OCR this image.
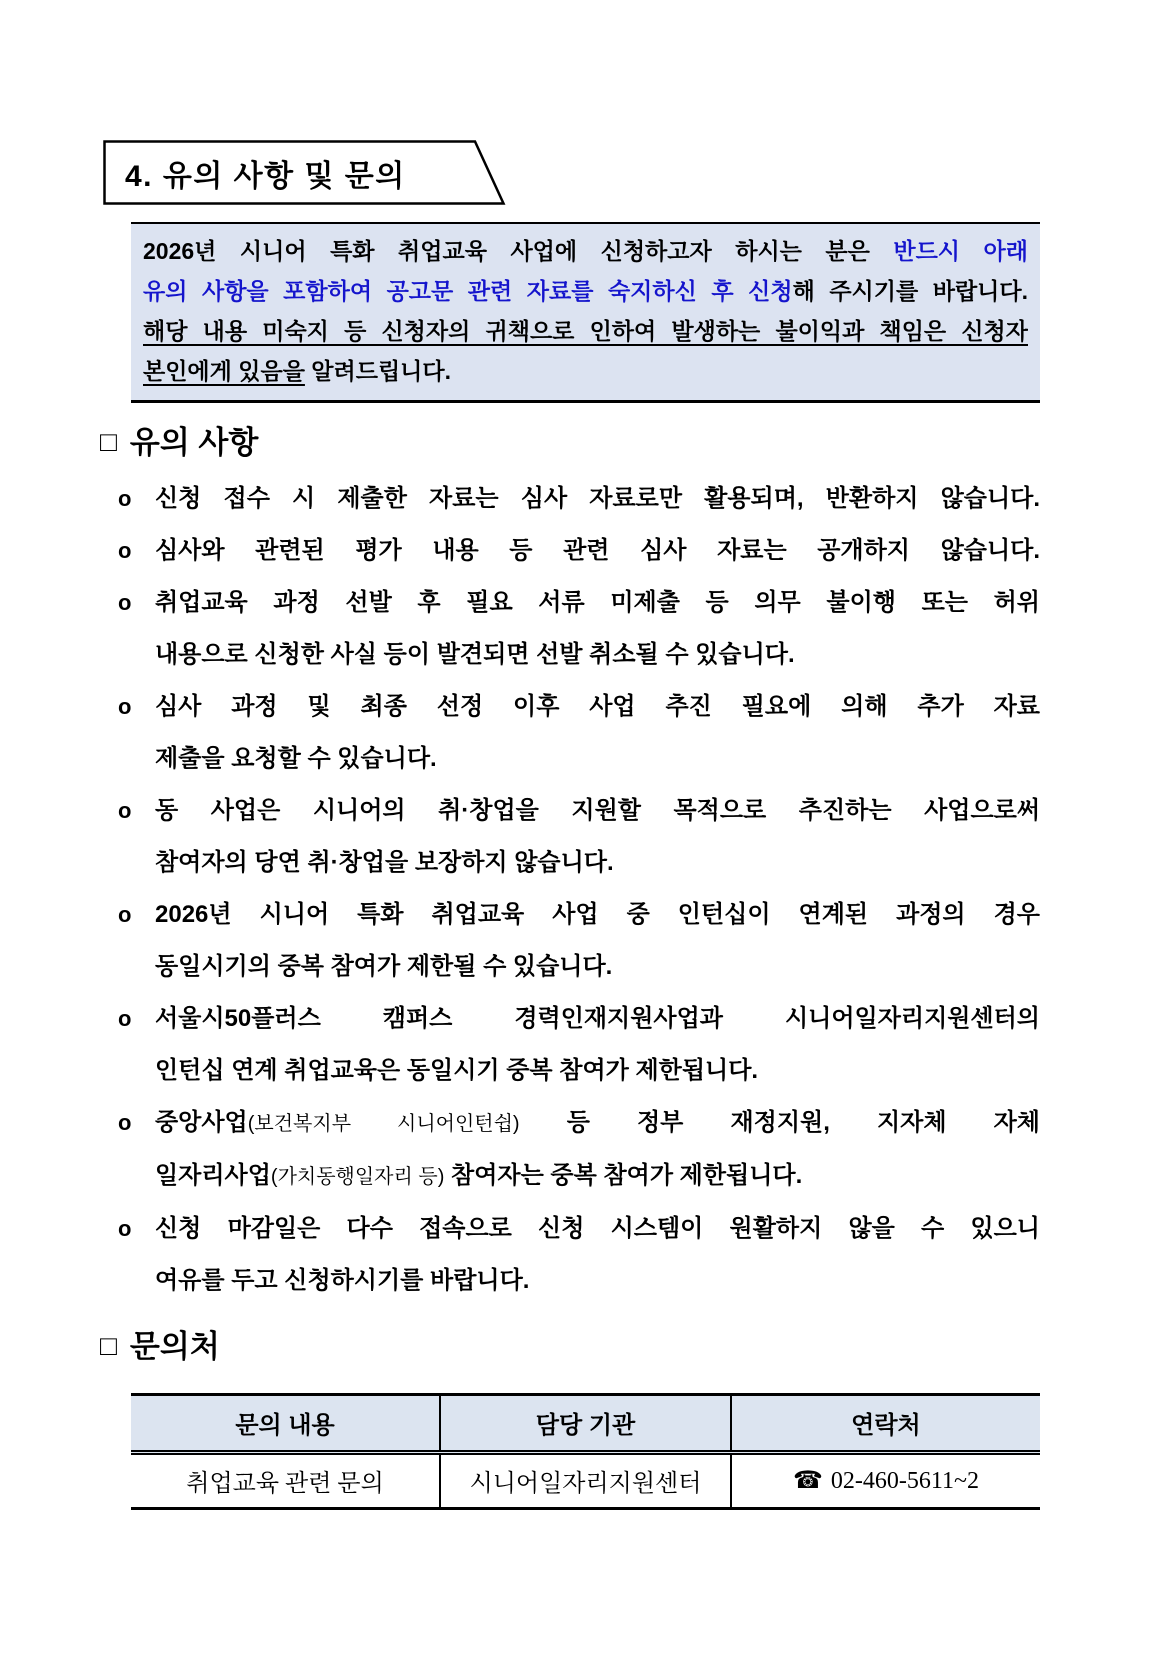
4. 유의 사항 및 문의
2026년 시니어 특화 취업교육 사업에 신청하고자 하시는 분은 반드시 아래
유의 사항을 포함하여 공고문 관련 자료를 숙지하신 후 신청해 주시기를 바랍니다.
해당 내용 미숙지 등 신청자의 귀책으로 인하여 발생하는 불이익과 책임은 신청자
본인에게 있음을 알려드립니다.
□ 유의 사항
o 신청 접수 시 제출한 자료는 심사 자료로만 활용되며, 반환하지 않습니다.
o 심사와 관련된 평가 내용 등 관련 심사 자료는 공개하지 않습니다.
o 취업교육 과정 선발 후 필요 서류 미제출 등 의무 불이행 또는 허위
내용으로 신청한 사실 등이 발견되면 선발 취소될 수 있습니다.
o 심사 과정 및 최종 선정 이후 사업 추진 필요에 의해 추가 자료
제출을 요청할 수 있습니다.
o 동 사업은 시니어의 취·창업을 지원할 목적으로 추진하는 사업으로써
참여자의 당연 취·창업을 보장하지 않습니다.
o 2026년 시니어 특화 취업교육 사업 중 인턴십이 연계된 과정의 경우
동일시기의 중복 참여가 제한될 수 있습니다.
o 서울시50플러스 캠퍼스 경력인재지원사업과 시니어일자리지원센터의
인턴십 연계 취업교육은 동일시기 중복 참여가 제한됩니다.
o 중앙사업(보건복지부 시니어인턴쉽) 등 정부 재정지원, 지자체 자체
일자리사업(가치동행일자리 등) 참여자는 중복 참여가 제한됩니다.
o 신청 마감일은 다수 접속으로 신청 시스템이 원활하지 않을 수 있으니
여유를 두고 신청하시기를 바랍니다.
□ 문의처
문의 내용	담당 기관	연락처
취업교육 관련 문의	시니어일자리지원센터	☎ 02-460-5611~2
